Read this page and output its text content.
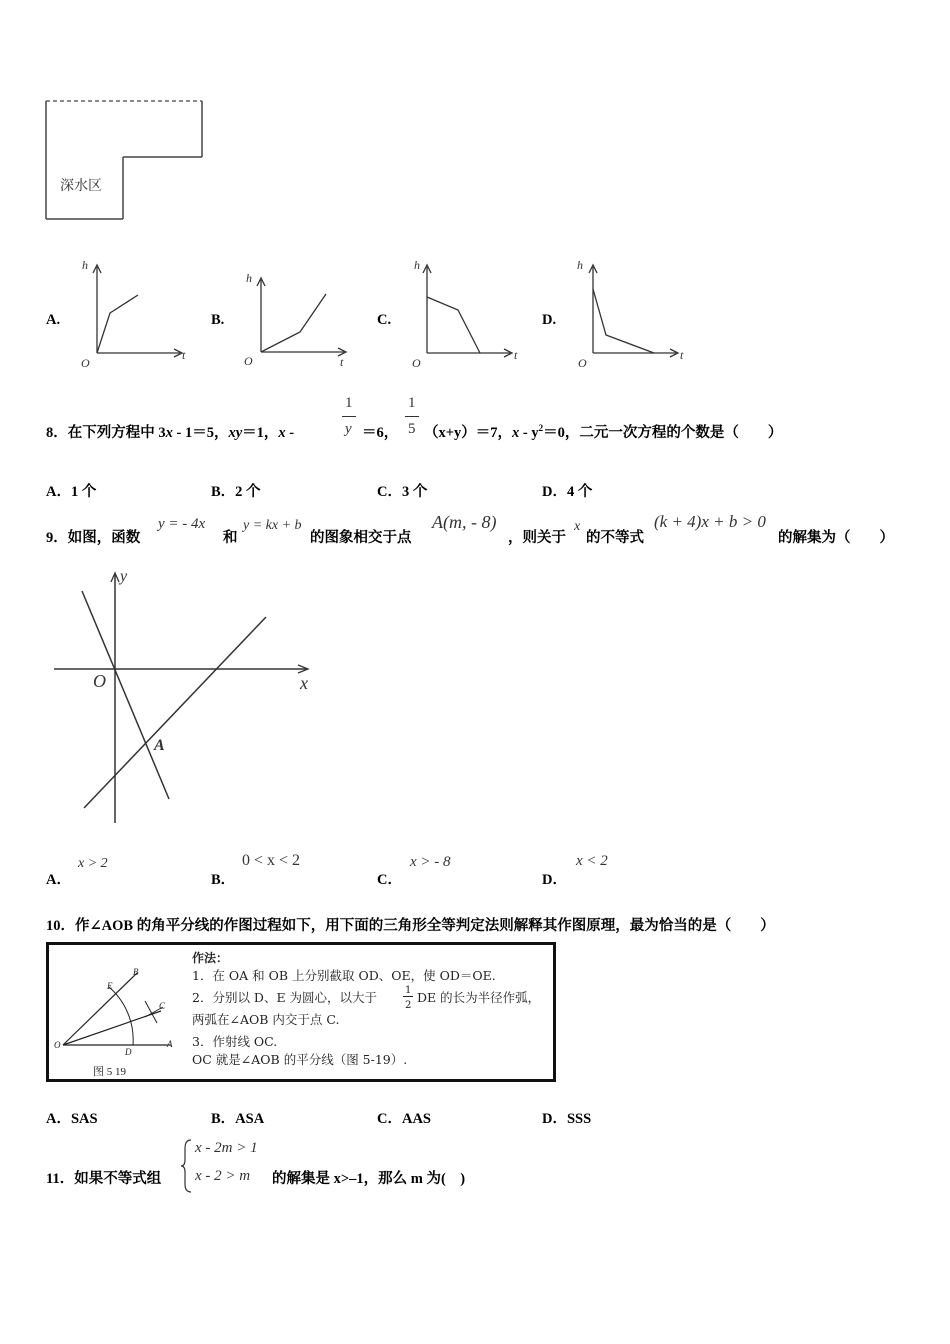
深水区
A.
h
t
O
B.
h
t
O
C.
h
t
O
D.
h
t
O
8．在下列方程中 3x - 1＝5，xy＝1，x -
1
y ＝6，
1
5 （x+y）＝7，$x - y^2=0$，二元一次方程的个数是（　　）
A．1 个	B．2 个	C．3 个	D．4 个
9．如图，函数
y = - 4x
和
y = kx + b
的图象相交于点
A(m, - 8)
，则关于
x
的不等式
(k + 4)x + b > 0
的解集为（　　）
y
x
O
A
A．
x > 2
B．
0 < x < 2
C．
x > - 8
D．
x < 2
10．作∠AOB 的角平分线的作图过程如下，用下面的三角形全等判定法则解释其作图原理，最为恰当的是（　　）
B
E
C
O
D
A
图 5 19
作法：
1．在 OA 和 OB 上分别截取 OD、OE，使 OD＝OE.
2．分别以 D、E 为圆心，以大于	1
2
DE 的长为半径作弧，
两弧在∠AOB 内交于点 C.
3．作射线 OC.
OC 就是∠AOB 的平分线（图 5-19）.
A．SAS	B．ASA	C．AAS	D．SSS
11．如果不等式组
x - 2m > 1
x - 2 > m 的解集是 x>–1，那么 m 为(　)
